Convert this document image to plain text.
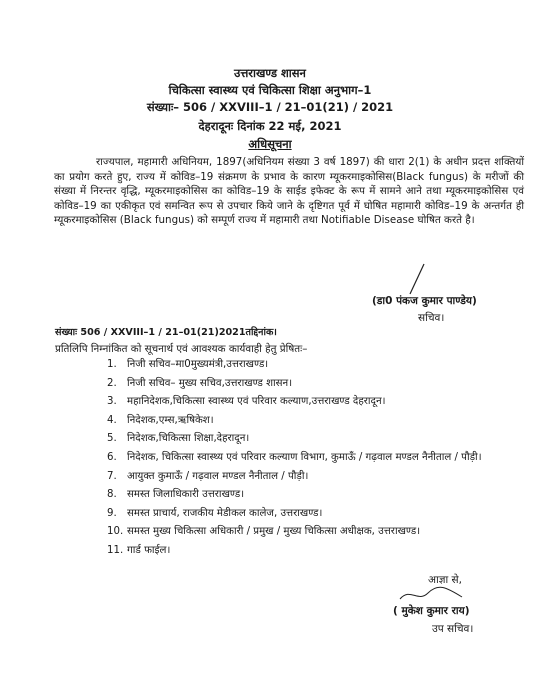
उत्तराखण्ड शासन
चिकित्सा स्वास्थ्य एवं चिकित्सा शिक्षा अनुभाग–1
संख्याः– 506 / XXVIII–1 / 21–01(21) / 2021
देहरादूनः दिनांक 22 मई, 2021
अधिसूचना

राज्यपाल, महामारी अधिनियम, 1897(अधिनियम संख्या 3 वर्ष 1897) की धारा 2(1) के अधीन प्रदत्त शक्तियों का प्रयोग करते हुए, राज्य में कोविड–19 संक्रमण के प्रभाव के कारण म्यूकरमाइकोसिस(Black fungus) के मरीजों की संख्या में निरन्तर वृद्धि, म्यूकरमाइकोसिस का कोविड–19 के साईड इफेक्ट के रूप में सामने आने तथा म्यूकरमाइकोसिस एवं कोविड–19 का एकीकृत एवं समन्वित रूप से उपचार किये जाने के दृष्टिगत पूर्व में घोषित महामारी कोविड–19 के अन्तर्गत ही म्यूकरमाइकोसिस (Black fungus) को सम्पूर्ण राज्य में महामारी तथा Notifiable Disease घोषित करते है।

(डा0 पंकज कुमार पाण्डेय)
सचिव।
संख्याः 506 / XXVIII–1 / 21–01(21)2021तद्दिनांक।
प्रतिलिपि निम्नांकित को सूचनार्थ एवं आवश्यक कार्यवाही हेतु प्रेषितः–
1.	निजी सचिव–मा0मुख्यमंत्री,उत्तराखण्ड।
2.	निजी सचिव– मुख्य सचिव,उत्तराखण्ड शासन।
3.	महानिदेशक,चिकित्सा स्वास्थ्य एवं परिवार कल्याण,उत्तराखण्ड देहरादून।
4.	निदेशक,एम्स,ऋषिकेश।
5.	निदेशक,चिकित्सा शिक्षा,देहरादून।
6.	निदेशक, चिकित्सा स्वास्थ्य एवं परिवार कल्याण विभाग, कुमाऊँ / गढ़वाल मण्डल नैनीताल / पौड़ी।
7.	आयुक्त कुमाऊँ / गढ़वाल मण्डल नैनीताल / पौड़ी।
8.	समस्त जिलाधिकारी उत्तराखण्ड।
9.	समस्त प्राचार्य, राजकीय मेडीकल कालेज, उत्तराखण्ड।
10. समस्त मुख्य चिकित्सा अधिकारी / प्रमुख / मुख्य चिकित्सा अधीक्षक, उत्तराखण्ड।
11. गार्ड फाईल।
आज्ञा से,
( मुकेश कुमार राय)
उप सचिव।
